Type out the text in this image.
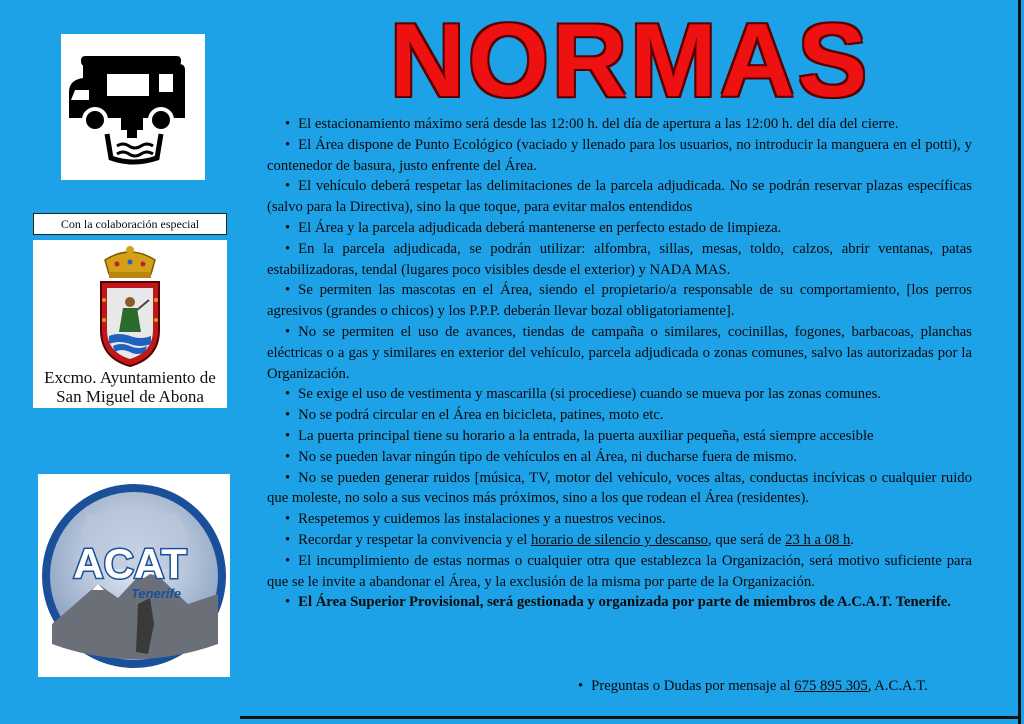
Con la colaboración especial
Excmo. Ayuntamiento de
San Miguel de Abona
ACAT
Tenerife
NORMAS

• El estacionamiento máximo será desde las 12:00 h. del día de apertura a las 12:00 h. del día del cierre.

• El Área dispone de Punto Ecológico (vaciado y llenado para los usuarios, no introducir la manguera en el potti), y contenedor de basura, justo enfrente del Área.

• El vehículo deberá respetar las delimitaciones de la parcela adjudicada. No se podrán reservar plazas específicas (salvo para la Directiva), sino la que toque, para evitar malos entendidos

• El Área y la parcela adjudicada deberá mantenerse en perfecto estado de limpieza.

• En la parcela adjudicada, se podrán utilizar: alfombra, sillas, mesas, toldo, calzos, abrir ventanas, patas estabilizadoras, tendal (lugares poco visibles desde el exterior) y NADA MAS.

• Se permiten las mascotas en el Área, siendo el propietario/a responsable de su comportamiento, [los perros agresivos (grandes o chicos) y los P.P.P. deberán llevar bozal obligatoriamente].

• No se permiten el uso de avances, tiendas de campaña o similares, cocinillas, fogones, barbacoas, planchas eléctricas o a gas y similares en exterior del vehículo, parcela adjudicada o zonas comunes, salvo las autorizadas por la Organización.

• Se exige el uso de vestimenta y mascarilla (si procediese) cuando se mueva por las zonas comunes.

• No se podrá circular en el Área en bicicleta, patines, moto etc.

• La puerta principal tiene su horario a la entrada, la puerta auxiliar pequeña, está siempre accesible

• No se pueden lavar ningún tipo de vehículos en al Área, ni ducharse fuera de mismo.

• No se pueden generar ruidos [música, TV, motor del vehículo, voces altas, conductas incívicas o cualquier ruido que moleste, no solo a sus vecinos más próximos, sino a los que rodean el Área (residentes).

• Respetemos y cuidemos las instalaciones y a nuestros vecinos.

• Recordar y respetar la convivencia y el horario de silencio y descanso, que será de 23 h a 08 h.

• El incumplimiento de estas normas o cualquier otra que establezca la Organización, será motivo suficiente para que se le invite a abandonar el Área, y la exclusión de la misma por parte de la Organización.

• El Área Superior Provisional, será gestionada y organizada por parte de miembros de A.C.A.T. Tenerife.

• Preguntas o Dudas por mensaje al 675 895 305, A.C.A.T.
